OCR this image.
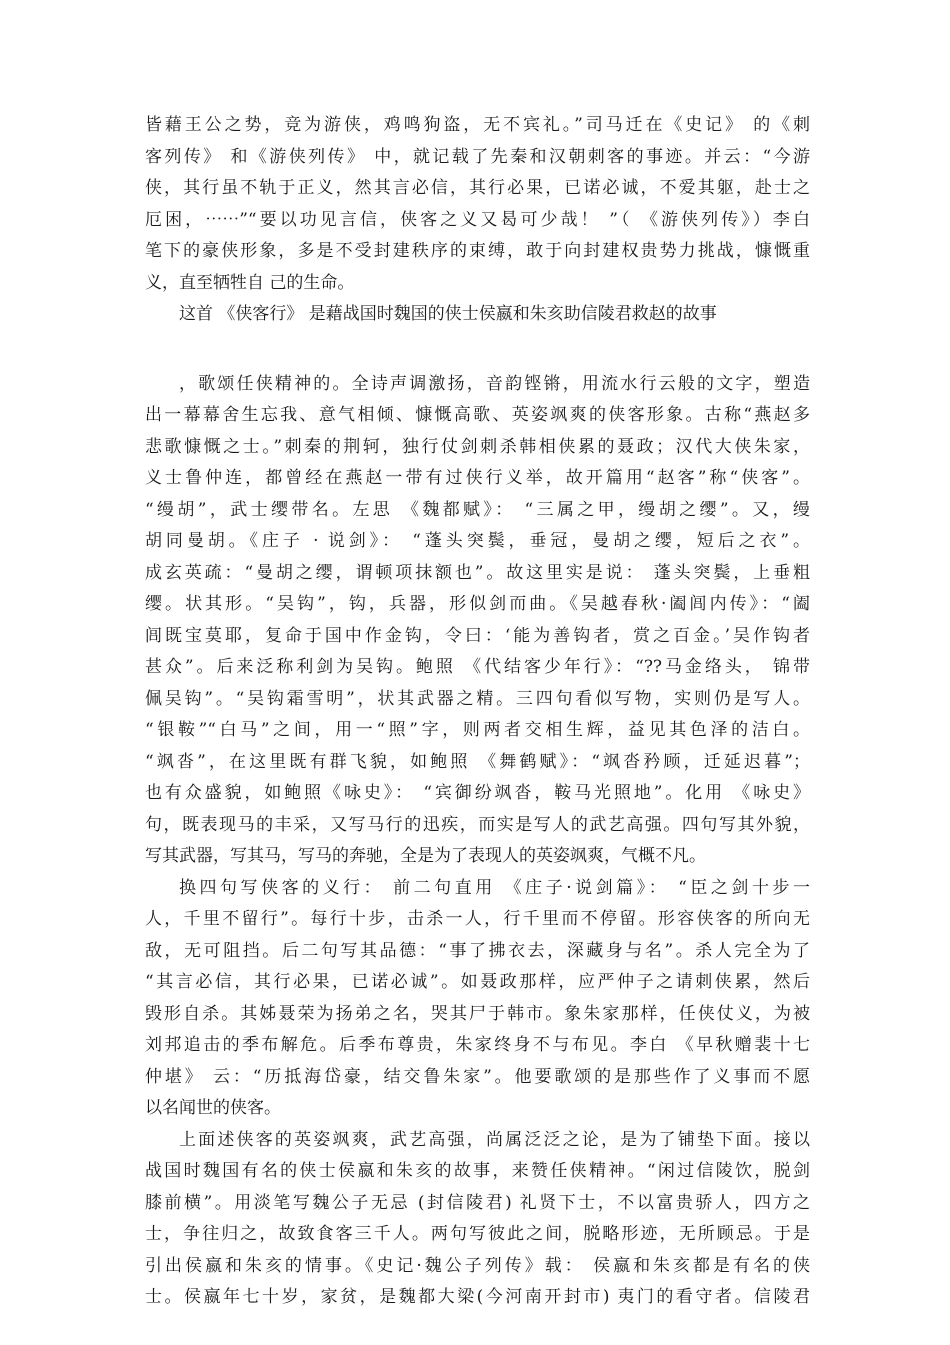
皆藉王公之势，竞为游侠，鸡鸣狗盗，无不宾礼。”司马迁在《史记》 的《刺
客列传》 和《游侠列传》 中，就记载了先秦和汉朝刺客的事迹。并云：“今游
侠，其行虽不轨于正义，然其言必信，其行必果，已诺必诚，不爱其躯，赴士之
厄困，⋯⋯”“要以功见言信，侠客之义又曷可少哉！ ”（ 《游侠列传》）李白
笔下的豪侠形象，多是不受封建秩序的束缚，敢于向封建权贵势力挑战，慷慨重
义，直至牺牲自 己的生命。
这首 《侠客行》 是藉战国时魏国的侠士侯嬴和朱亥助信陵君救赵的故事
，歌颂任侠精神的。全诗声调激扬，音韵铿锵，用流水行云般的文字，塑造
出一幕幕舍生忘我、意气相倾、慷慨高歌、英姿飒爽的侠客形象。古称“燕赵多
悲歌慷慨之士。”刺秦的荆轲，独行仗剑刺杀韩相侠累的聂政；汉代大侠朱家，
义士鲁仲连，都曾经在燕赵一带有过侠行义举，故开篇用“赵客”称“侠客”。
“缦胡”，武士缨带名。左思 《魏都赋》： “三属之甲，缦胡之缨”。又，缦
胡同曼胡。《庄子 · 说剑》： “蓬头突鬓，垂冠，曼胡之缨，短后之衣”。
成玄英疏：“曼胡之缨，谓顿项抹额也”。故这里实是说： 蓬头突鬓，上垂粗
缨。状其形。“吴钩”，钩，兵器，形似剑而曲。《吴越春秋·阖闾内传》：“阖
闾既宝莫耶，复命于国中作金钩，令曰：‘能为善钩者，赏之百金。’吴作钩者
甚众”。后来泛称利剑为吴钩。鲍照 《代结客少年行》：“??马金络头， 锦带
佩吴钩”。“吴钩霜雪明”，状其武器之精。三四句看似写物，实则仍是写人。
“银鞍”“白马”之间，用一“照”字，则两者交相生辉，益见其色泽的洁白。
“飒沓”，在这里既有群飞貌，如鲍照 《舞鹤赋》：“飒沓矜顾，迁延迟暮”；
也有众盛貌，如鲍照《咏史》： “宾御纷飒沓，鞍马光照地”。化用 《咏史》
句，既表现马的丰采，又写马行的迅疾，而实是写人的武艺高强。四句写其外貌，
写其武器，写其马，写马的奔驰，全是为了表现人的英姿飒爽，气概不凡。
换四句写侠客的义行： 前二句直用 《庄子·说剑篇》： “臣之剑十步一
人，千里不留行”。每行十步，击杀一人，行千里而不停留。形容侠客的所向无
敌，无可阻挡。后二句写其品德：“事了拂衣去，深藏身与名”。杀人完全为了
“其言必信，其行必果，已诺必诚”。如聂政那样，应严仲子之请刺侠累，然后
毁形自杀。其姊聂荣为扬弟之名，哭其尸于韩市。象朱家那样，任侠仗义，为被
刘邦追击的季布解危。后季布尊贵，朱家终身不与布见。李白 《早秋赠裴十七
仲堪》 云：“历抵海岱豪，结交鲁朱家”。他要歌颂的是那些作了义事而不愿
以名闻世的侠客。
上面述侠客的英姿飒爽，武艺高强，尚属泛泛之论，是为了铺垫下面。接以
战国时魏国有名的侠士侯嬴和朱亥的故事，来赞任侠精神。“闲过信陵饮，脱剑
膝前横”。用淡笔写魏公子无忌 (封信陵君) 礼贤下士，不以富贵骄人，四方之
士，争往归之，故致食客三千人。两句写彼此之间，脱略形迹，无所顾忌。于是
引出侯嬴和朱亥的情事。《史记·魏公子列传》载： 侯嬴和朱亥都是有名的侠
士。侯嬴年七十岁，家贫，是魏都大梁(今河南开封市) 夷门的看守者。信陵君
